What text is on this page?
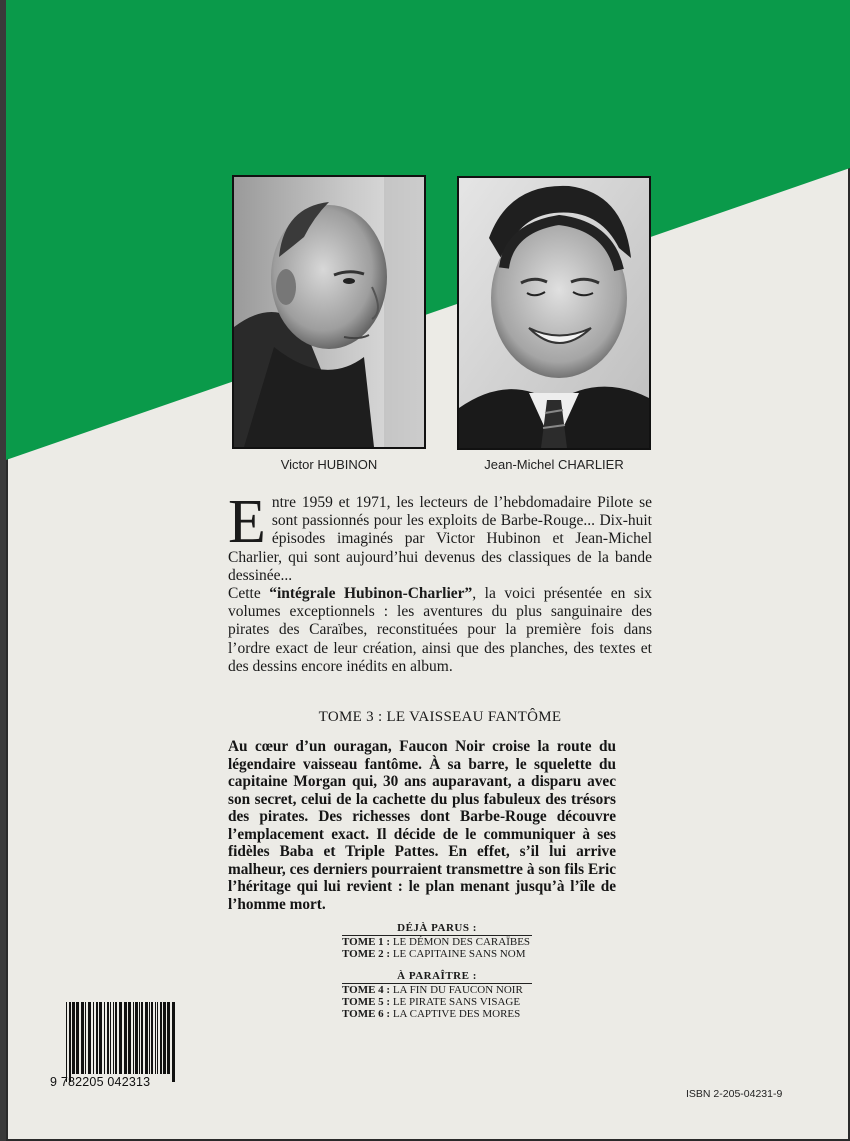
Victor HUBINON	Jean-Michel CHARLIER
E ntre 1959 et 1971, les lecteurs de l’hebdomadaire Pilote se sont passionnés pour les exploits de Barbe-Rouge... Dix-huit épisodes imaginés par Victor Hubinon et Jean-Michel Charlier, qui sont aujourd’hui devenus des classiques de la bande dessinée...

Cette “intégrale Hubinon-Charlier”, la voici présentée en six volumes exceptionnels : les aventures du plus sanguinaire des pirates des Caraïbes, reconstituées pour la première fois dans l’ordre exact de leur création, ainsi que des planches, des textes et des dessins encore inédits en album.

TOME 3 : LE VAISSEAU FANTÔME
Au cœur d’un ouragan, Faucon Noir croise la route du légendaire vaisseau fantôme. À sa barre, le squelette du capitaine Morgan qui, 30 ans auparavant, a disparu avec son secret, celui de la cachette du plus fabuleux des trésors des pirates. Des richesses dont Barbe-Rouge découvre l’emplacement exact. Il décide de le communiquer à ses fidèles Baba et Triple Pattes. En effet, s’il lui arrive malheur, ces derniers pourraient transmettre à son fils Eric l’héritage qui lui revient : le plan menant jusqu’à l’île de l’homme mort.
DÉJÀ PARUS :
TOME 1 : LE DÉMON DES CARAÏBES
TOME 2 : LE CAPITAINE SANS NOM
À PARAÎTRE :
TOME 4 : LA FIN DU FAUCON NOIR
TOME 5 : LE PIRATE SANS VISAGE
TOME 6 : LA CAPTIVE DES MORES
9 782205 042313
ISBN 2-205-04231-9
